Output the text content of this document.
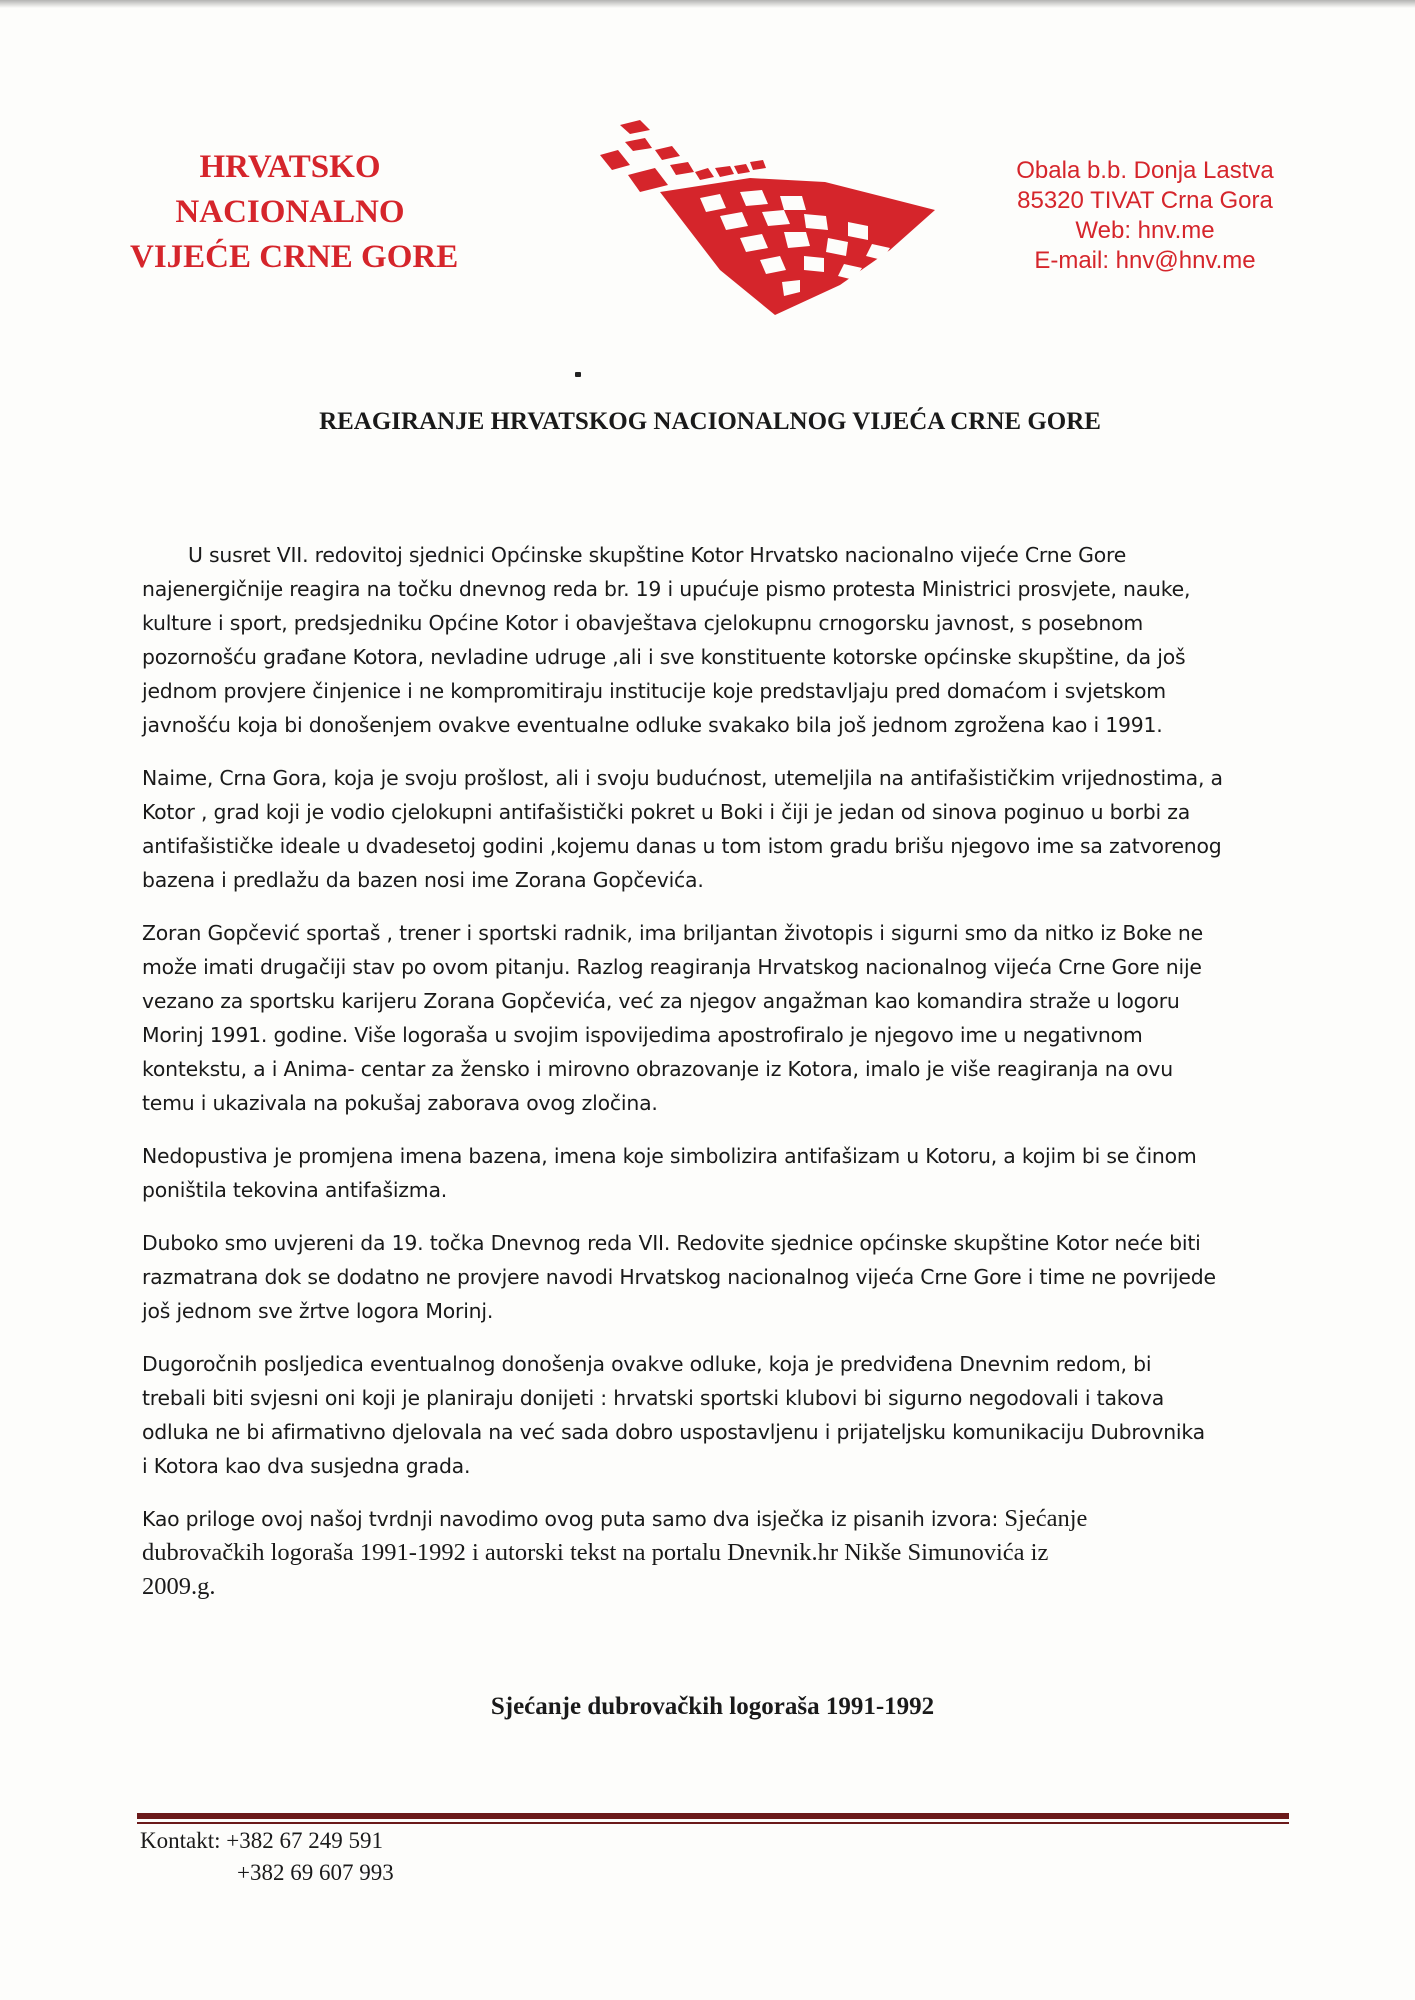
HRVATSKO
NACIONALNO
VIJEĆE CRNE GORE
Obala b.b. Donja Lastva
85320 TIVAT Crna Gora
Web: hnv.me
E-mail: hnv@hnv.me
REAGIRANJE HRVATSKOG NACIONALNOG VIJEĆA CRNE GORE

U susret VII. redovitoj sjednici Općinske skupštine Kotor Hrvatsko nacionalno vijeće Crne Gore
najenergičnije reagira na točku dnevnog reda br. 19 i upućuje pismo protesta Ministrici prosvjete, nauke,
kulture i sport, predsjedniku Općine Kotor i obavještava cjelokupnu crnogorsku javnost, s posebnom
pozornošću građane Kotora, nevladine udruge ,ali i sve konstituente kotorske općinske skupštine, da još
jednom provjere činjenice i ne kompromitiraju institucije koje predstavljaju pred domaćom i svjetskom
javnošću koja bi donošenjem ovakve eventualne odluke svakako bila još jednom zgrožena kao i 1991.

Naime, Crna Gora, koja je svoju prošlost, ali i svoju budućnost, utemeljila na antifašističkim vrijednostima, a
Kotor , grad koji je vodio cjelokupni antifašistički pokret u Boki i čiji je jedan od sinova poginuo u borbi za
antifašističke ideale u dvadesetoj godini ,kojemu danas u tom istom gradu brišu njegovo ime sa zatvorenog
bazena i predlažu da bazen nosi ime Zorana Gopčevića.

Zoran Gopčević sportaš , trener i sportski radnik, ima briljantan životopis i sigurni smo da nitko iz Boke ne
može imati drugačiji stav po ovom pitanju. Razlog reagiranja Hrvatskog nacionalnog vijeća Crne Gore nije
vezano za sportsku karijeru Zorana Gopčevića, već za njegov angažman kao komandira straže u logoru
Morinj 1991. godine. Više logoraša u svojim ispovijedima apostrofiralo je njegovo ime u negativnom
kontekstu, a i Anima- centar za žensko i mirovno obrazovanje iz Kotora, imalo je više reagiranja na ovu
temu i ukazivala na pokušaj zaborava ovog zločina.

Nedopustiva je promjena imena bazena, imena koje simbolizira antifašizam u Kotoru, a kojim bi se činom
poništila tekovina antifašizma.

Duboko smo uvjereni da 19. točka Dnevnog reda VII. Redovite sjednice općinske skupštine Kotor neće biti
razmatrana dok se dodatno ne provjere navodi Hrvatskog nacionalnog vijeća Crne Gore i time ne povrijede
još jednom sve žrtve logora Morinj.

Dugoročnih posljedica eventualnog donošenja ovakve odluke, koja je predviđena Dnevnim redom, bi
trebali biti svjesni oni koji je planiraju donijeti : hrvatski sportski klubovi bi sigurno negodovali i takova
odluka ne bi afirmativno djelovala na već sada dobro uspostavljenu i prijateljsku komunikaciju Dubrovnika
i Kotora kao dva susjedna grada.

Kao priloge ovoj našoj tvrdnji navodimo ovog puta samo dva isječka iz pisanih izvora: Sjećanje
dubrovačkih logoraša 1991-1992 i autorski tekst na portalu Dnevnik.hr Nikše Simunovića iz
2009.g.

Sjećanje dubrovačkih logoraša 1991-1992
Kontakt: +382 67 249 591
+382 69 607 993
